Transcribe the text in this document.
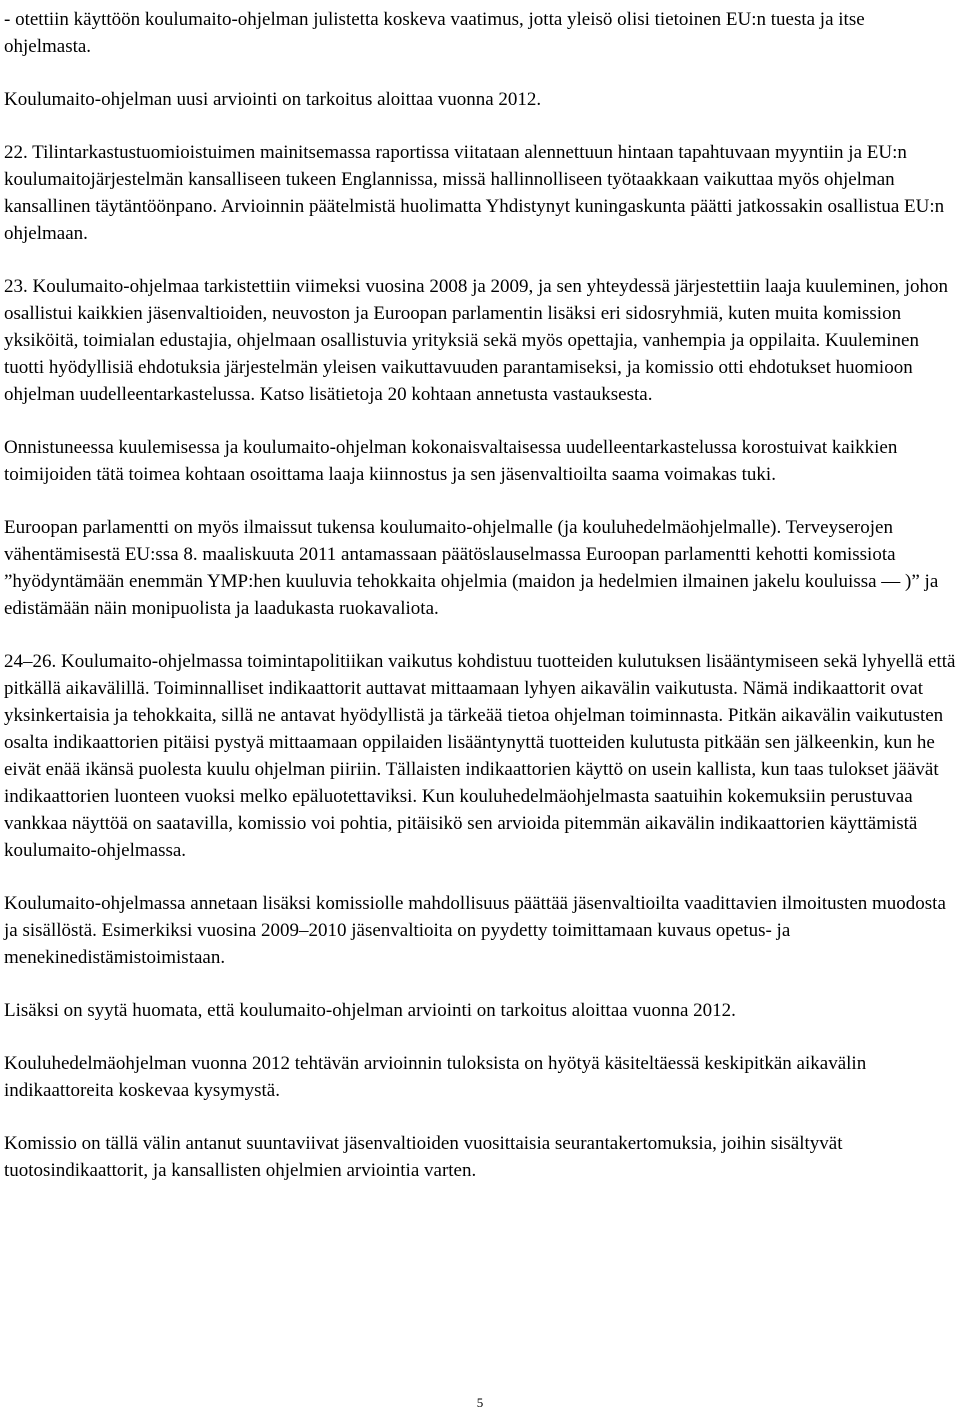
- otettiin käyttöön koulumaito-ohjelman julistetta koskeva vaatimus, jotta yleisö olisi tietoinen EU:n tuesta ja itse ohjelmasta.

Koulumaito-ohjelman uusi arviointi on tarkoitus aloittaa vuonna 2012.

22. Tilintarkastustuomioistuimen mainitsemassa raportissa viitataan alennettuun hintaan tapahtuvaan myyntiin ja EU:n koulumaitojärjestelmän kansalliseen tukeen Englannissa, missä hallinnolliseen työtaakkaan vaikuttaa myös ohjelman kansallinen täytäntöönpano. Arvioinnin päätelmistä huolimatta Yhdistynyt kuningaskunta päätti jatkossakin osallistua EU:n ohjelmaan.

23. Koulumaito-ohjelmaa tarkistettiin viimeksi vuosina 2008 ja 2009, ja sen yhteydessä järjestettiin laaja kuuleminen, johon osallistui kaikkien jäsenvaltioiden, neuvoston ja Euroopan parlamentin lisäksi eri sidosryhmiä, kuten muita komission yksiköitä, toimialan edustajia, ohjelmaan osallistuvia yrityksiä sekä myös opettajia, vanhempia ja oppilaita. Kuuleminen tuotti hyödyllisiä ehdotuksia järjestelmän yleisen vaikuttavuuden parantamiseksi, ja komissio otti ehdotukset huomioon ohjelman uudelleentarkastelussa. Katso lisätietoja 20 kohtaan annetusta vastauksesta.

Onnistuneessa kuulemisessa ja koulumaito-ohjelman kokonaisvaltaisessa uudelleentarkastelussa korostuivat kaikkien toimijoiden tätä toimea kohtaan osoittama laaja kiinnostus ja sen jäsenvaltioilta saama voimakas tuki.

Euroopan parlamentti on myös ilmaissut tukensa koulumaito-ohjelmalle (ja kouluhedelmäohjelmalle). Terveyserojen vähentämisestä EU:ssa 8. maaliskuuta 2011 antamassaan päätöslauselmassa Euroopan parlamentti kehotti komissiota ”hyödyntämään enemmän YMP:hen kuuluvia tehokkaita ohjelmia (maidon ja hedelmien ilmainen jakelu kouluissa — )” ja edistämään näin monipuolista ja laadukasta ruokavaliota.

24–26. Koulumaito-ohjelmassa toimintapolitiikan vaikutus kohdistuu tuotteiden kulutuksen lisääntymiseen sekä lyhyellä että pitkällä aikavälillä. Toiminnalliset indikaattorit auttavat mittaamaan lyhyen aikavälin vaikutusta. Nämä indikaattorit ovat yksinkertaisia ja tehokkaita, sillä ne antavat hyödyllistä ja tärkeää tietoa ohjelman toiminnasta. Pitkän aikavälin vaikutusten osalta indikaattorien pitäisi pystyä mittaamaan oppilaiden lisääntynyttä tuotteiden kulutusta pitkään sen jälkeenkin, kun he eivät enää ikänsä puolesta kuulu ohjelman piiriin. Tällaisten indikaattorien käyttö on usein kallista, kun taas tulokset jäävät indikaattorien luonteen vuoksi melko epäluotettaviksi. Kun kouluhedelmäohjelmasta saatuihin kokemuksiin perustuvaa vankkaa näyttöä on saatavilla, komissio voi pohtia, pitäisikö sen arvioida pitemmän aikavälin indikaattorien käyttämistä koulumaito-ohjelmassa.

Koulumaito-ohjelmassa annetaan lisäksi komissiolle mahdollisuus päättää jäsenvaltioilta vaadittavien ilmoitusten muodosta ja sisällöstä. Esimerkiksi vuosina 2009–2010 jäsenvaltioita on pyydetty toimittamaan kuvaus opetus- ja menekinedistämistoimistaan.

Lisäksi on syytä huomata, että koulumaito-ohjelman arviointi on tarkoitus aloittaa vuonna 2012.

Kouluhedelmäohjelman vuonna 2012 tehtävän arvioinnin tuloksista on hyötyä käsiteltäessä keskipitkän aikavälin indikaattoreita koskevaa kysymystä.

Komissio on tällä välin antanut suuntaviivat jäsenvaltioiden vuosittaisia seurantakertomuksia, joihin sisältyvät tuotosindikaattorit, ja kansallisten ohjelmien arviointia varten.

5
